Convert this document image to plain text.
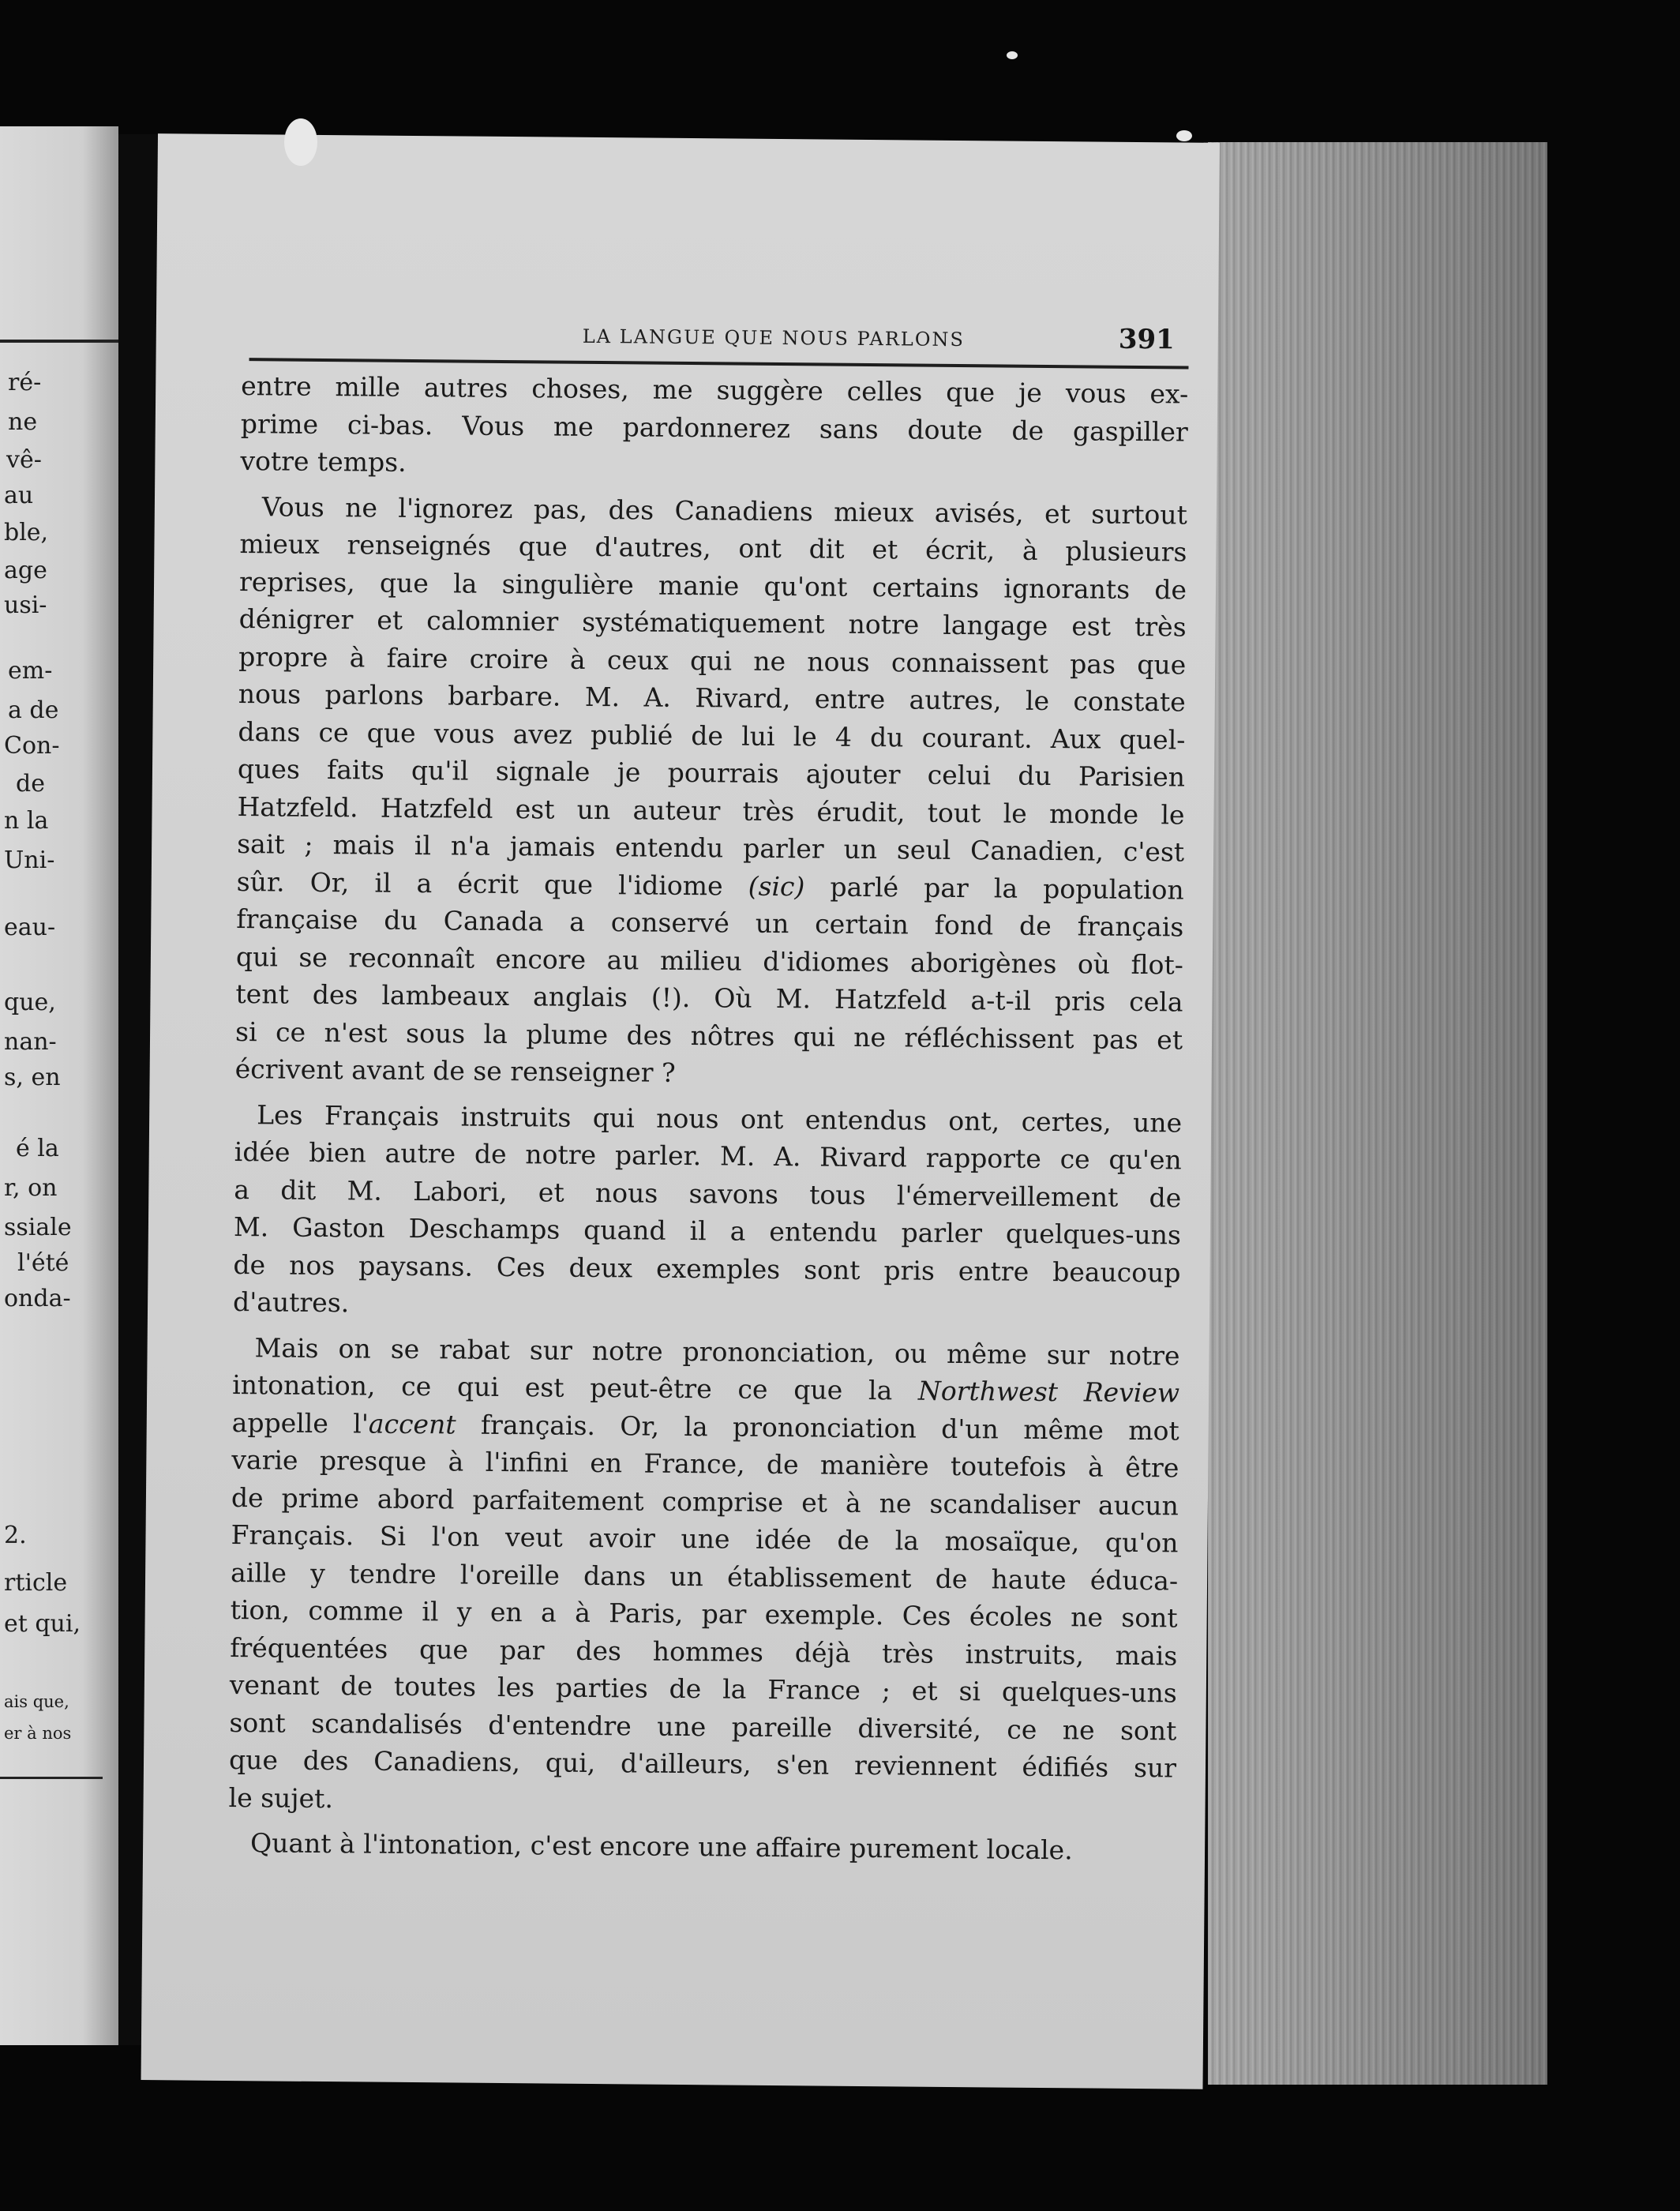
ré-
ne
vê-
au
ble,
age
usi-
em-
a de
Con-
de
n la
Uni-
eau-
que,
nan-
s, en
é la
r, on
ssiale
l'été
onda-
2.
rticle
et qui,
ais que,
er à nos
LA LANGUE QUE NOUS PARLONS	391
entre mille autres choses, me suggère celles que je vous ex-
prime ci-bas. Vous me pardonnerez sans doute de gaspiller
votre temps.
Vous ne l'ignorez pas, des Canadiens mieux avisés, et surtout
mieux renseignés que d'autres, ont dit et écrit, à plusieurs
reprises, que la singulière manie qu'ont certains ignorants de
dénigrer et calomnier systématiquement notre langage est très
propre à faire croire à ceux qui ne nous connaissent pas que
nous parlons barbare. M. A. Rivard, entre autres, le constate
dans ce que vous avez publié de lui le 4 du courant. Aux quel-
ques faits qu'il signale je pourrais ajouter celui du Parisien
Hatzfeld. Hatzfeld est un auteur très érudit, tout le monde le
sait ; mais il n'a jamais entendu parler un seul Canadien, c'est
sûr. Or, il a écrit que l'idiome (sic) parlé par la population
française du Canada a conservé un certain fond de français
qui se reconnaît encore au milieu d'idiomes aborigènes où flot-
tent des lambeaux anglais (!). Où M. Hatzfeld a-t-il pris cela
si ce n'est sous la plume des nôtres qui ne réfléchissent pas et
écrivent avant de se renseigner ?
Les Français instruits qui nous ont entendus ont, certes, une
idée bien autre de notre parler. M. A. Rivard rapporte ce qu'en
a dit M. Labori, et nous savons tous l'émerveillement de
M. Gaston Deschamps quand il a entendu parler quelques-uns
de nos paysans. Ces deux exemples sont pris entre beaucoup
d'autres.
Mais on se rabat sur notre prononciation, ou même sur notre
intonation, ce qui est peut-être ce que la Northwest Review
appelle l'accent français. Or, la prononciation d'un même mot
varie presque à l'infini en France, de manière toutefois à être
de prime abord parfaitement comprise et à ne scandaliser aucun
Français. Si l'on veut avoir une idée de la mosaïque, qu'on
aille y tendre l'oreille dans un établissement de haute éduca-
tion, comme il y en a à Paris, par exemple. Ces écoles ne sont
fréquentées que par des hommes déjà très instruits, mais
venant de toutes les parties de la France ; et si quelques-uns
sont scandalisés d'entendre une pareille diversité, ce ne sont
que des Canadiens, qui, d'ailleurs, s'en reviennent édifiés sur
le sujet.
Quant à l'intonation, c'est encore une affaire purement locale.
